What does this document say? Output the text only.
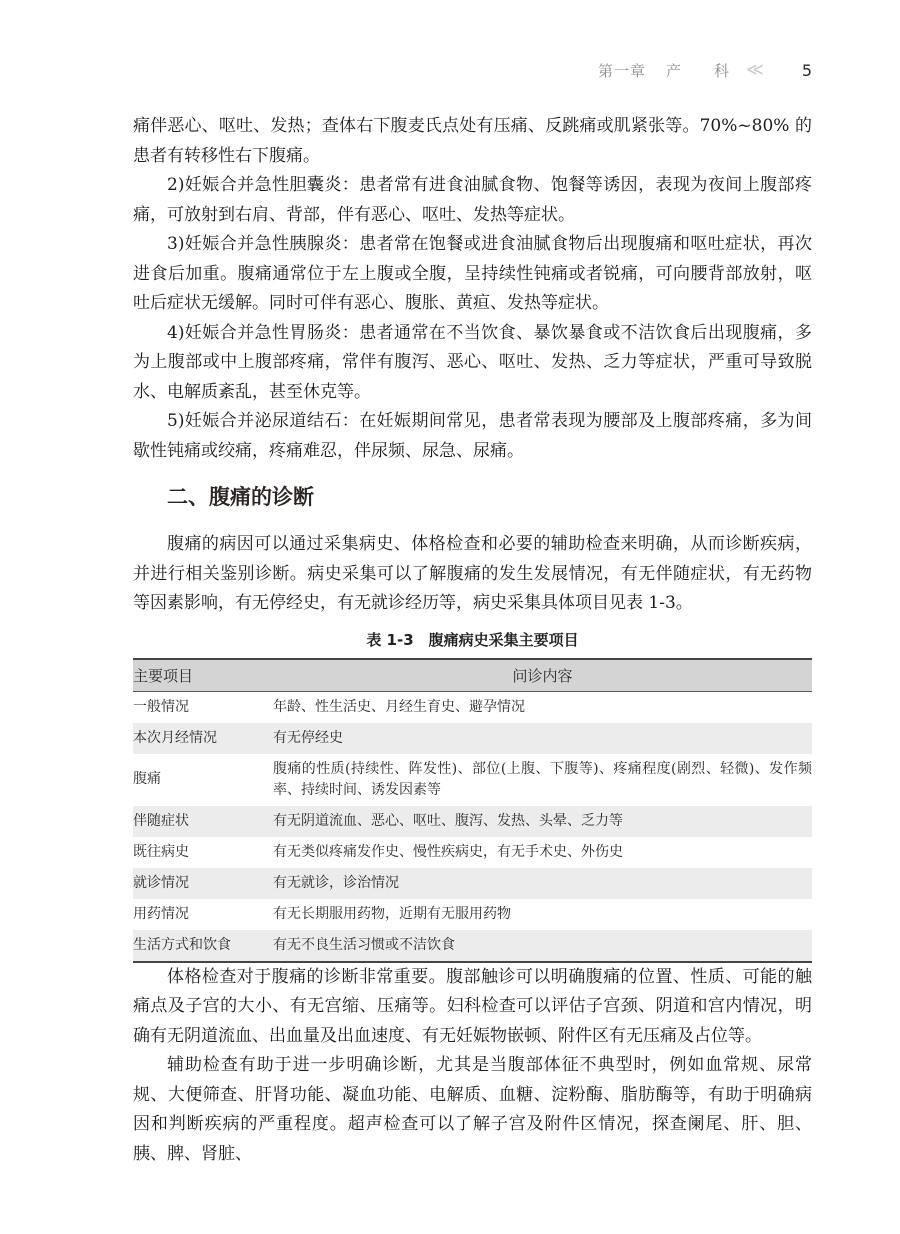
第一章 产 科 ≪ 5

痛伴恶心、呕吐、发热；查体右下腹麦氏点处有压痛、反跳痛或肌紧张等。70%~80% 的患者有转移性右下腹痛。

2)妊娠合并急性胆囊炎：患者常有进食油腻食物、饱餐等诱因，表现为夜间上腹部疼痛，可放射到右肩、背部，伴有恶心、呕吐、发热等症状。

3)妊娠合并急性胰腺炎：患者常在饱餐或进食油腻食物后出现腹痛和呕吐症状，再次进食后加重。腹痛通常位于左上腹或全腹，呈持续性钝痛或者锐痛，可向腰背部放射，呕吐后症状无缓解。同时可伴有恶心、腹胀、黄疸、发热等症状。

4)妊娠合并急性胃肠炎：患者通常在不当饮食、暴饮暴食或不洁饮食后出现腹痛，多为上腹部或中上腹部疼痛，常伴有腹泻、恶心、呕吐、发热、乏力等症状，严重可导致脱水、电解质紊乱，甚至休克等。

5)妊娠合并泌尿道结石：在妊娠期间常见，患者常表现为腰部及上腹部疼痛，多为间歇性钝痛或绞痛，疼痛难忍，伴尿频、尿急、尿痛。

二、腹痛的诊断

腹痛的病因可以通过采集病史、体格检查和必要的辅助检查来明确，从而诊断疾病，并进行相关鉴别诊断。病史采集可以了解腹痛的发生发展情况，有无伴随症状，有无药物等因素影响，有无停经史，有无就诊经历等，病史采集具体项目见表 1-3。

表 1-3　腹痛病史采集主要项目
主要项目	问诊内容
一般情况	年龄、性生活史、月经生育史、避孕情况
本次月经情况	有无停经史
腹痛	腹痛的性质(持续性、阵发性)、部位(上腹、下腹等)、疼痛程度(剧烈、轻微)、发作频率、持续时间、诱发因素等
伴随症状	有无阴道流血、恶心、呕吐、腹泻、发热、头晕、乏力等
既往病史	有无类似疼痛发作史、慢性疾病史，有无手术史、外伤史
就诊情况	有无就诊，诊治情况
用药情况	有无长期服用药物，近期有无服用药物
生活方式和饮食	有无不良生活习惯或不洁饮食

体格检查对于腹痛的诊断非常重要。腹部触诊可以明确腹痛的位置、性质、可能的触痛点及子宫的大小、有无宫缩、压痛等。妇科检查可以评估子宫颈、阴道和宫内情况，明确有无阴道流血、出血量及出血速度、有无妊娠物嵌顿、附件区有无压痛及占位等。

辅助检查有助于进一步明确诊断，尤其是当腹部体征不典型时，例如血常规、尿常规、大便筛查、肝肾功能、凝血功能、电解质、血糖、淀粉酶、脂肪酶等，有助于明确病因和判断疾病的严重程度。超声检查可以了解子宫及附件区情况，探查阑尾、肝、胆、胰、脾、肾脏、
